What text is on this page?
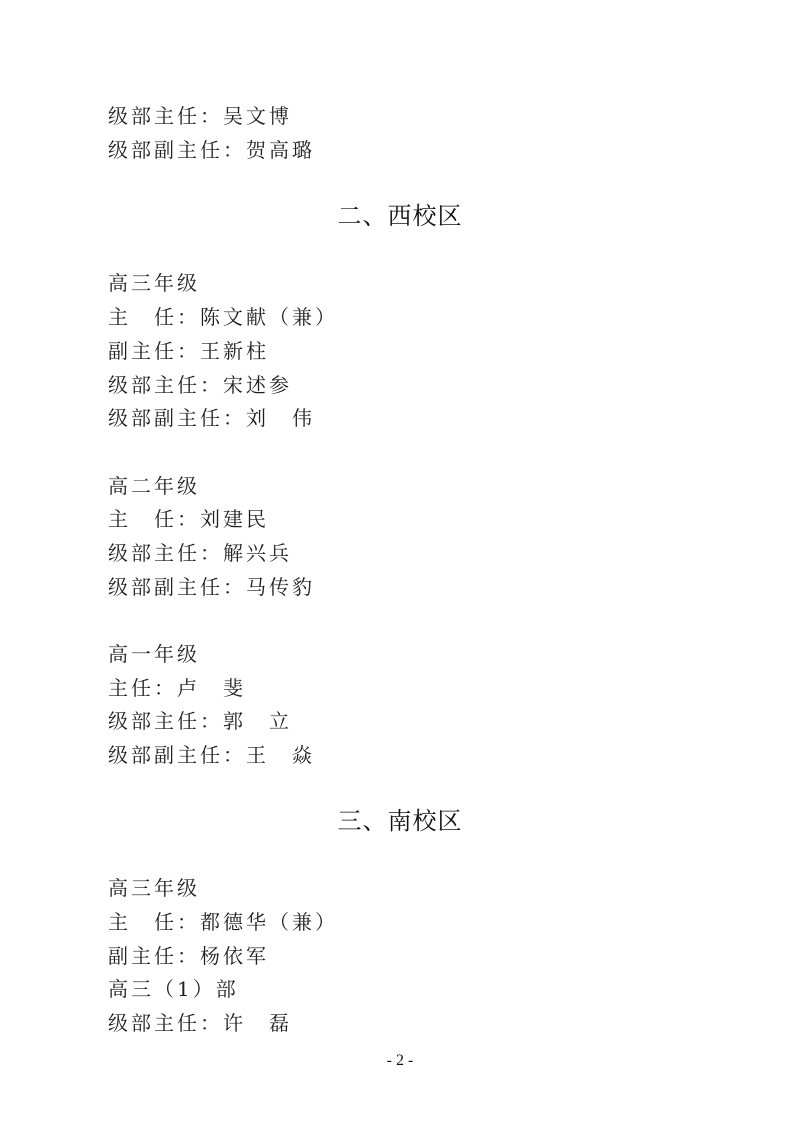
级部主任：吴文博
级部副主任：贺高璐
二、西校区
高三年级
主　任：陈文献（兼）
副主任：王新柱
级部主任：宋述参
级部副主任：刘　伟
高二年级
主　任：刘建民
级部主任：解兴兵
级部副主任：马传豹
高一年级
主任：卢　斐
级部主任：郭　立
级部副主任：王　焱
三、南校区
高三年级
主　任：都德华（兼）
副主任：杨依军
高三（1）部
级部主任：许　磊
- 2 -
